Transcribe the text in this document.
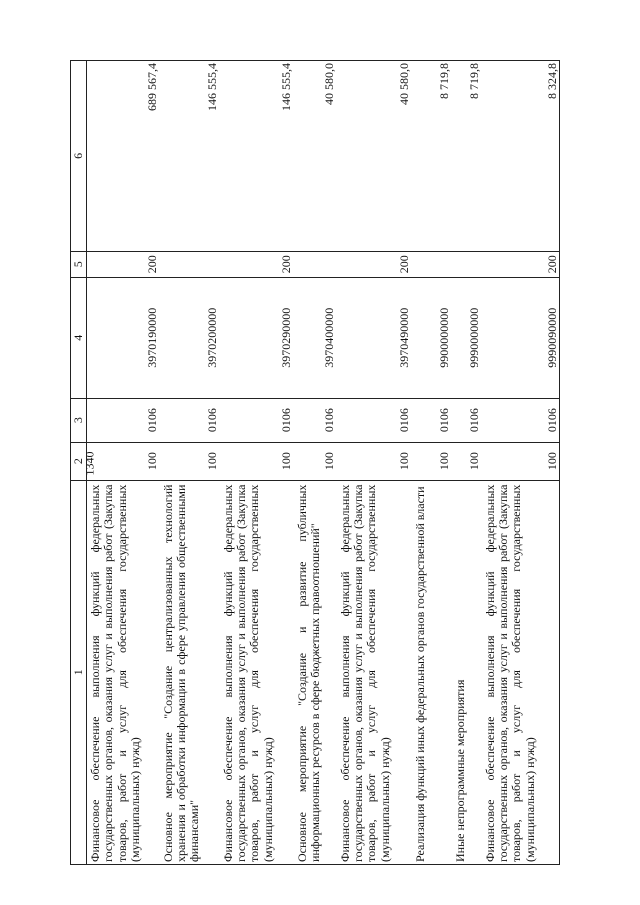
1340
1	2	3	4	5	6
Финансовое обеспечение выполнения функций федеральных государственных органов, оказания услуг и выполнения работ (Закупка товаров, работ и услуг для обеспечения государственных (муниципальных) нужд)	100	0106	3970190000	200	689 567,4
Основное мероприятие "Создание централизованных технологий хранения и обработки информации в сфере управления общественными финансами"	100	0106	3970200000		146 555,4
Финансовое обеспечение выполнения функций федеральных государственных органов, оказания услуг и выполнения работ (Закупка товаров, работ и услуг для обеспечения государственных (муниципальных) нужд)	100	0106	3970290000	200	146 555,4
Основное мероприятие "Создание и развитие публичных информационных ресурсов в сфере бюджетных правоотношений"	100	0106	3970400000		40 580,0
Финансовое обеспечение выполнения функций федеральных государственных органов, оказания услуг и выполнения работ (Закупка товаров, работ и услуг для обеспечения государственных (муниципальных) нужд)	100	0106	3970490000	200	40 580,0
Реализация функций иных федеральных органов государственной власти	100	0106	9900000000		8 719,8
Иные непрограммные мероприятия	100	0106	9990000000		8 719,8
Финансовое обеспечение выполнения функций федеральных государственных органов, оказания услуг и выполнения работ (Закупка товаров, работ и услуг для обеспечения государственных (муниципальных) нужд)	100	0106	9990090000	200	8 324,8
